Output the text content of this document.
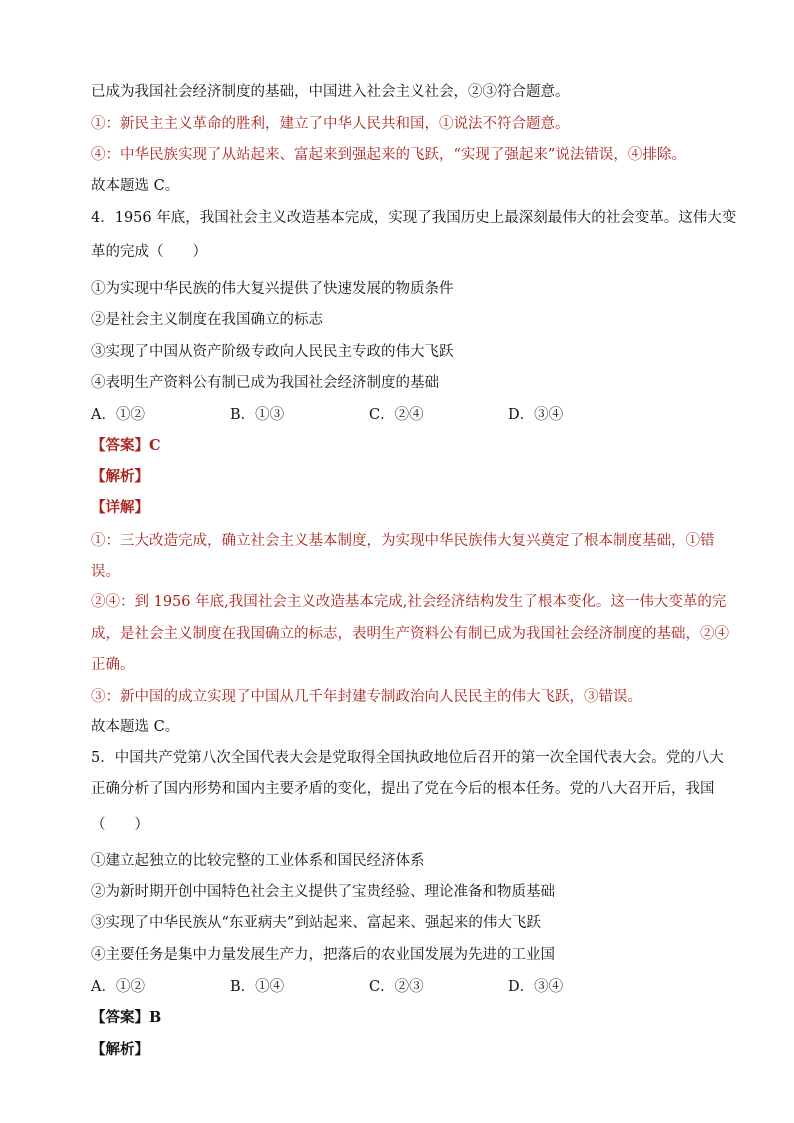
已成为我国社会经济制度的基础，中国进入社会主义社会，②③符合题意。
①：新民主主义革命的胜利，建立了中华人民共和国，①说法不符合题意。
④：中华民族实现了从站起来、富起来到强起来的飞跃，“实现了强起来”说法错误，④排除。
故本题选 C。
4．1956 年底，我国社会主义改造基本完成，实现了我国历史上最深刻最伟大的社会变革。这伟大变
革的完成（　　）
①为实现中华民族的伟大复兴提供了快速发展的物质条件
②是社会主义制度在我国确立的标志
③实现了中国从资产阶级专政向人民民主专政的伟大飞跃
④表明生产资料公有制已成为我国社会经济制度的基础
A．①②	B．①③	C．②④	D．③④
【答案】C
【解析】
【详解】
①：三大改造完成，确立社会主义基本制度，为实现中华民族伟大复兴奠定了根本制度基础，①错
误。
②④：到 1956 年底,我国社会主义改造基本完成,社会经济结构发生了根本变化。这一伟大变革的完
成，是社会主义制度在我国确立的标志，表明生产资料公有制已成为我国社会经济制度的基础，②④
正确。
③：新中国的成立实现了中国从几千年封建专制政治向人民民主的伟大飞跃，③错误。
故本题选 C。
5．中国共产党第八次全国代表大会是党取得全国执政地位后召开的第一次全国代表大会。党的八大
正确分析了国内形势和国内主要矛盾的变化，提出了党在今后的根本任务。党的八大召开后，我国
（　　）
①建立起独立的比较完整的工业体系和国民经济体系
②为新时期开创中国特色社会主义提供了宝贵经验、理论准备和物质基础
③实现了中华民族从“东亚病夫”到站起来、富起来、强起来的伟大飞跃
④主要任务是集中力量发展生产力，把落后的农业国发展为先进的工业国
A．①②	B．①④	C．②③	D．③④
【答案】B
【解析】
